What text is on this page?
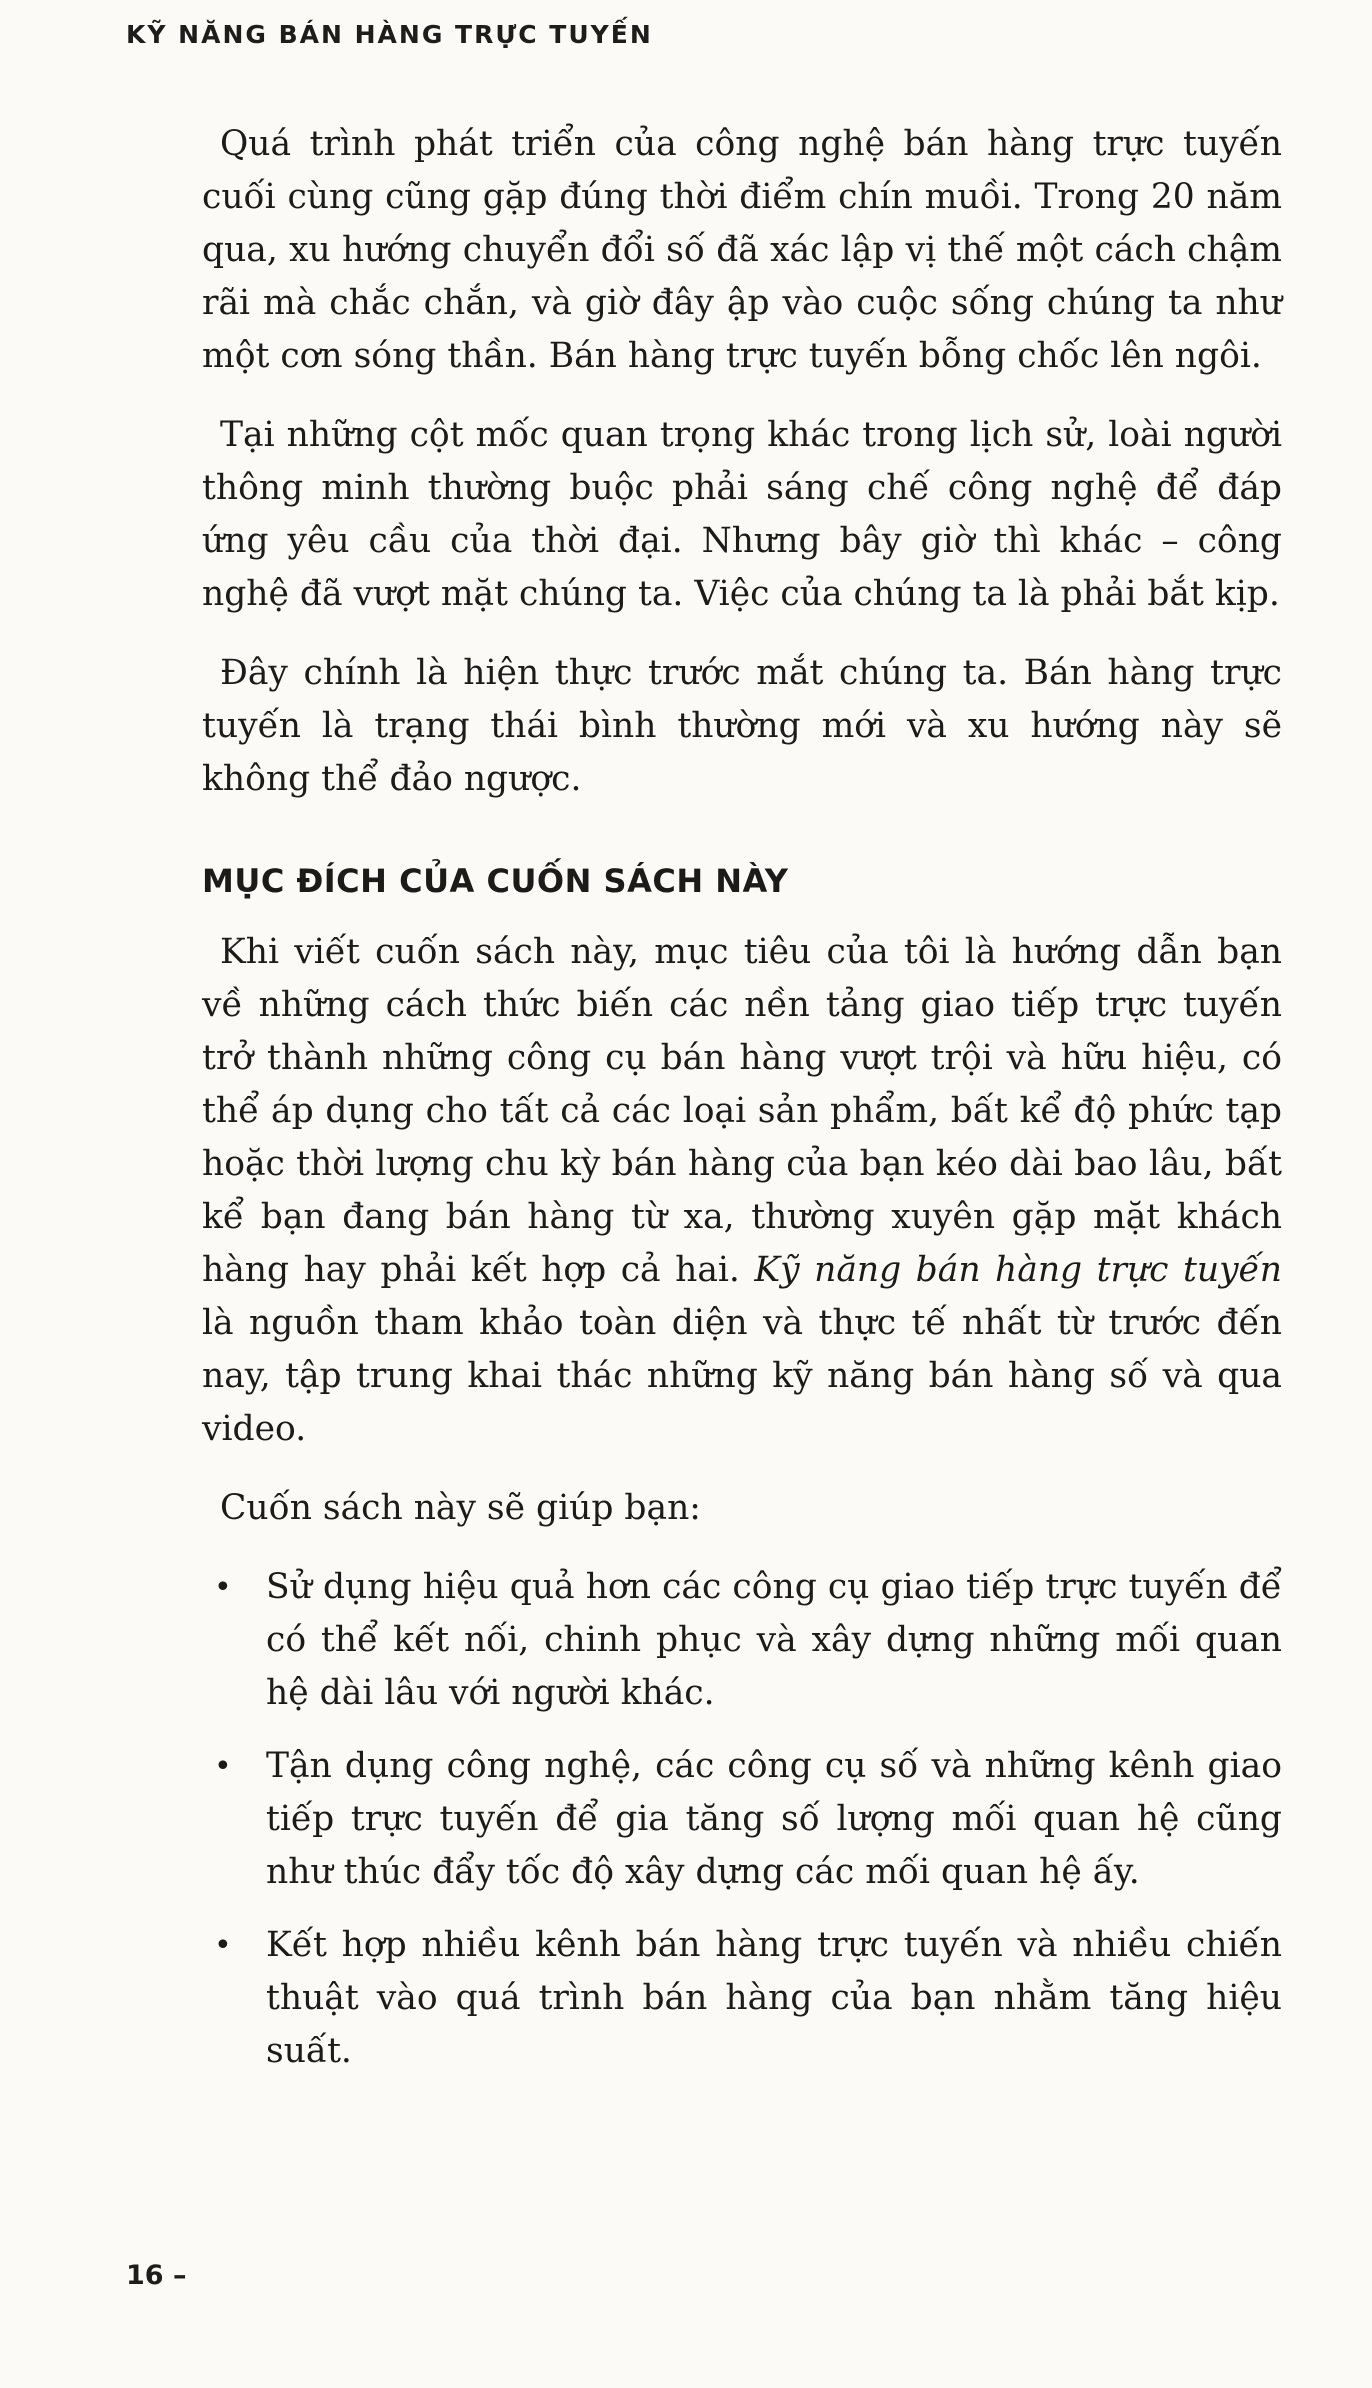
KỸ NĂNG BÁN HÀNG TRỰC TUYẾN

Quá trình phát triển của công nghệ bán hàng trực tuyến cuối cùng cũng gặp đúng thời điểm chín muồi. Trong 20 năm qua, xu hướng chuyển đổi số đã xác lập vị thế một cách chậm rãi mà chắc chắn, và giờ đây ập vào cuộc sống chúng ta như một cơn sóng thần. Bán hàng trực tuyến bỗng chốc lên ngôi.

Tại những cột mốc quan trọng khác trong lịch sử, loài người thông minh thường buộc phải sáng chế công nghệ để đáp ứng yêu cầu của thời đại. Nhưng bây giờ thì khác – công nghệ đã vượt mặt chúng ta. Việc của chúng ta là phải bắt kịp.

Đây chính là hiện thực trước mắt chúng ta. Bán hàng trực tuyến là trạng thái bình thường mới và xu hướng này sẽ không thể đảo ngược.

MỤC ĐÍCH CỦA CUỐN SÁCH NÀY

Khi viết cuốn sách này, mục tiêu của tôi là hướng dẫn bạn về những cách thức biến các nền tảng giao tiếp trực tuyến trở thành những công cụ bán hàng vượt trội và hữu hiệu, có thể áp dụng cho tất cả các loại sản phẩm, bất kể độ phức tạp hoặc thời lượng chu kỳ bán hàng của bạn kéo dài bao lâu, bất kể bạn đang bán hàng từ xa, thường xuyên gặp mặt khách hàng hay phải kết hợp cả hai. Kỹ năng bán hàng trực tuyến là nguồn tham khảo toàn diện và thực tế nhất từ trước đến nay, tập trung khai thác những kỹ năng bán hàng số và qua video.

Cuốn sách này sẽ giúp bạn:

• Sử dụng hiệu quả hơn các công cụ giao tiếp trực tuyến để có thể kết nối, chinh phục và xây dựng những mối quan hệ dài lâu với người khác.
• Tận dụng công nghệ, các công cụ số và những kênh giao tiếp trực tuyến để gia tăng số lượng mối quan hệ cũng như thúc đẩy tốc độ xây dựng các mối quan hệ ấy.
• Kết hợp nhiều kênh bán hàng trực tuyến và nhiều chiến thuật vào quá trình bán hàng của bạn nhằm tăng hiệu suất.
16 –
